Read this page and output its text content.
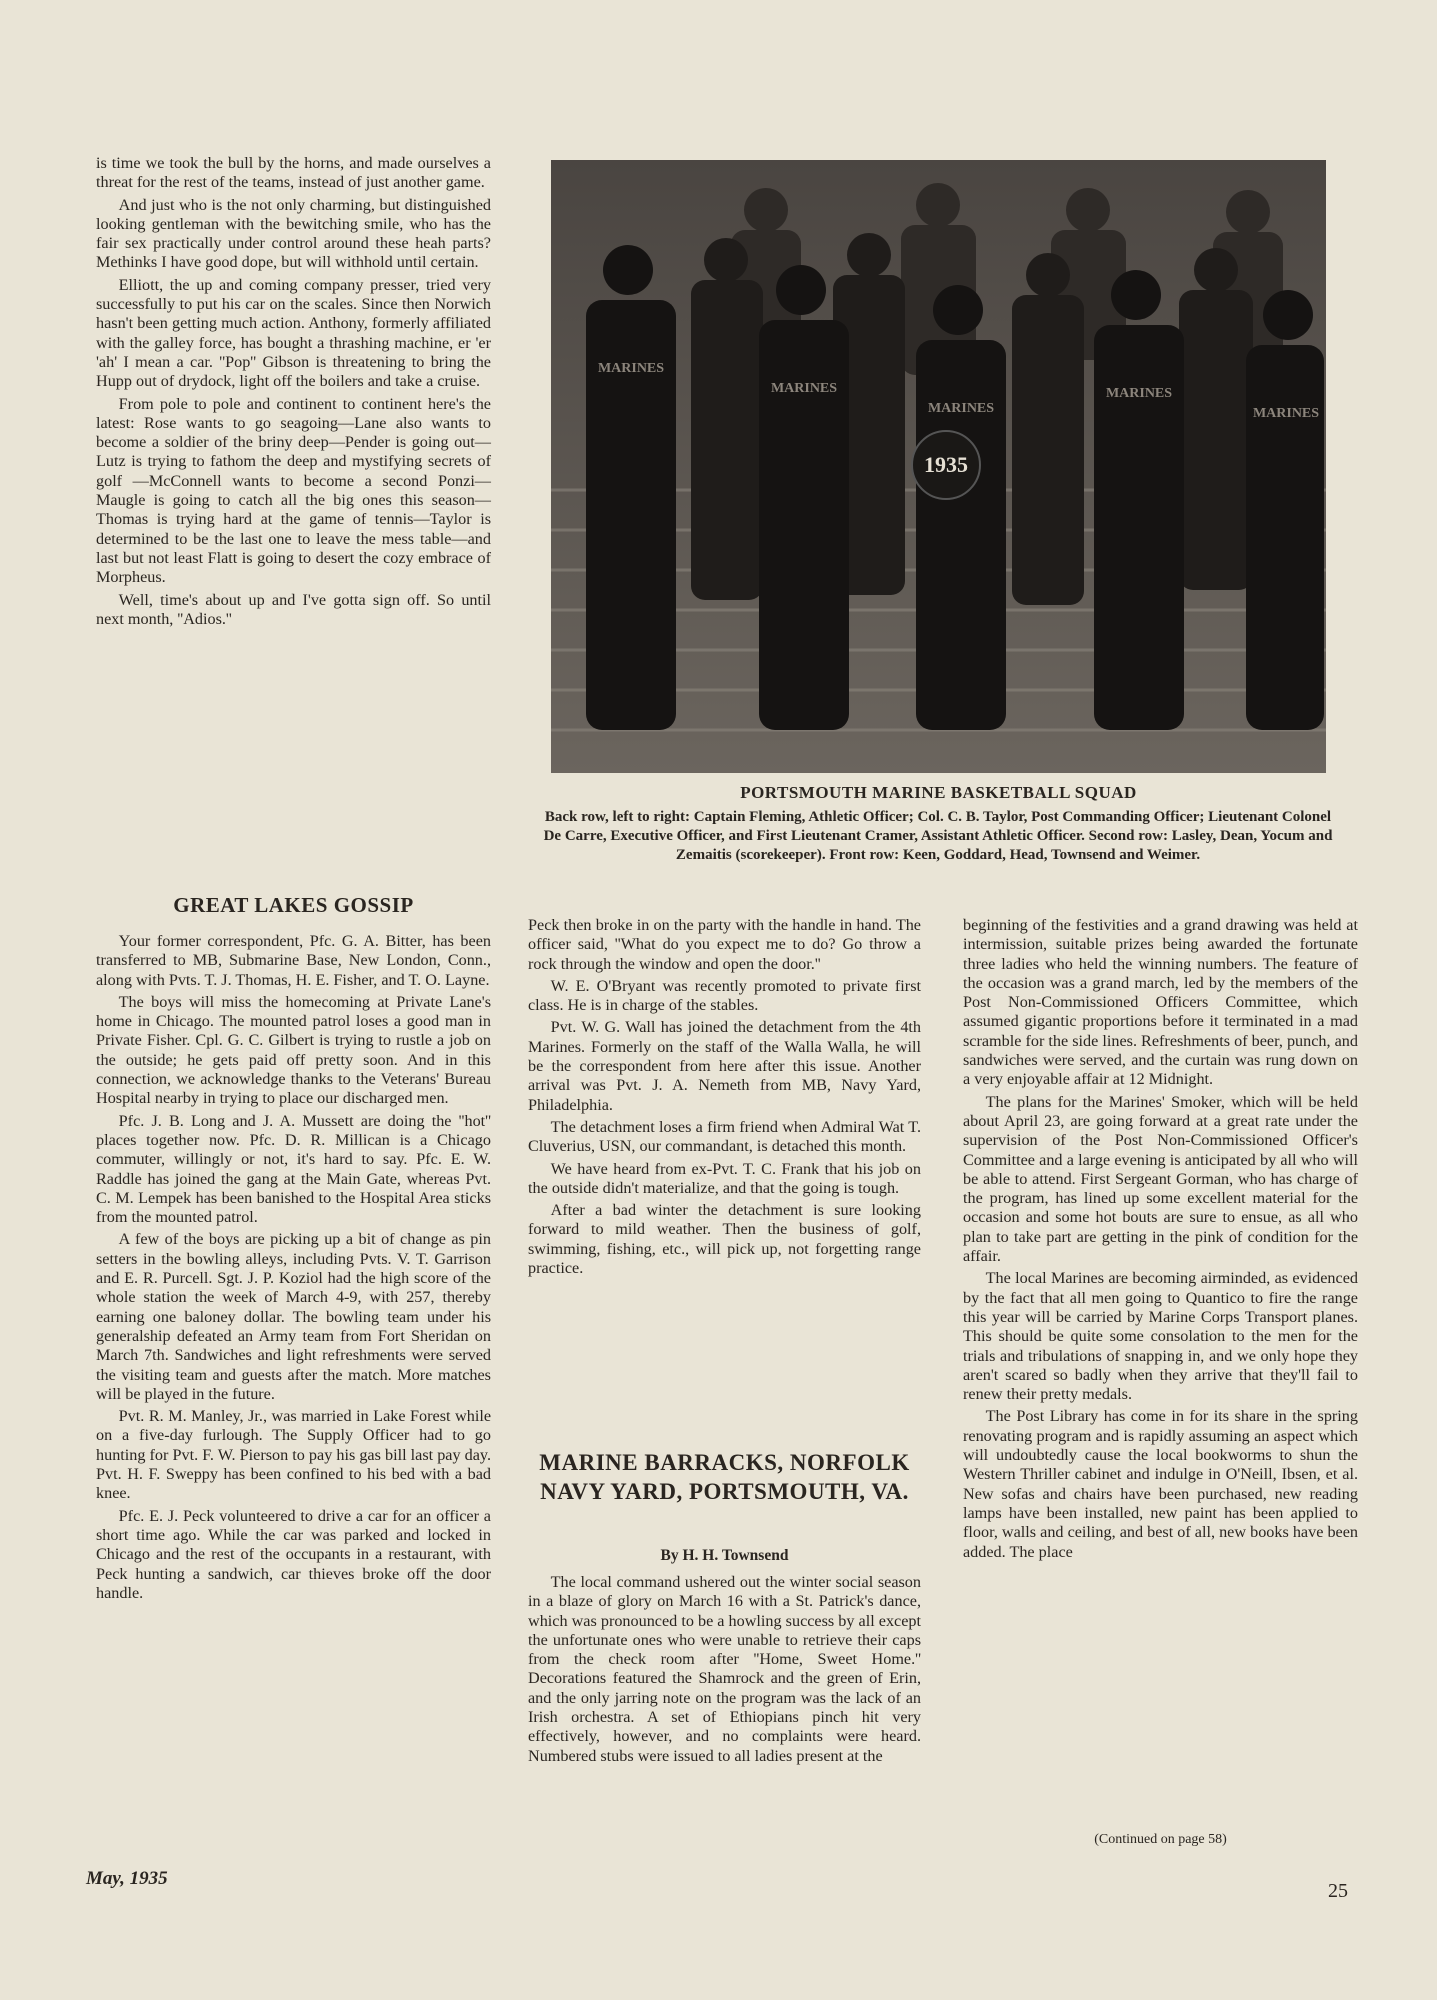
is time we took the bull by the horns, and made ourselves a threat for the rest of the teams, instead of just another game.

And just who is the not only charming, but distinguished looking gentleman with the bewitching smile, who has the fair sex practically under control around these heah parts? Methinks I have good dope, but will withhold until certain.

Elliott, the up and coming company presser, tried very successfully to put his car on the scales. Since then Norwich hasn't been getting much action. Anthony, formerly affiliated with the galley force, has bought a thrashing machine, er 'er 'ah' I mean a car. ''Pop'' Gibson is threatening to bring the Hupp out of drydock, light off the boilers and take a cruise.

From pole to pole and continent to continent here's the latest: Rose wants to go seagoing—Lane also wants to become a soldier of the briny deep—Pender is going out—Lutz is trying to fathom the deep and mystifying secrets of golf —McConnell wants to become a second Ponzi—Maugle is going to catch all the big ones this season—Thomas is trying hard at the game of tennis—Taylor is determined to be the last one to leave the mess table—and last but not least Flatt is going to desert the cozy embrace of Morpheus.

Well, time's about up and I've gotta sign off. So until next month, ''Adios.''

MARINES
MARINES
MARINES
MARINES
MARINES
1935
PORTSMOUTH MARINE BASKETBALL SQUAD
Back row, left to right: Captain Fleming, Athletic Officer; Col. C. B. Taylor, Post Commanding Officer; Lieutenant Colonel De Carre, Executive Officer, and First Lieutenant Cramer, Assistant Athletic Officer. Second row: Lasley, Dean, Yocum and Zemaitis (scorekeeper). Front row: Keen, Goddard, Head, Townsend and Weimer.
GREAT LAKES GOSSIP

Your former correspondent, Pfc. G. A. Bitter, has been transferred to MB, Submarine Base, New London, Conn., along with Pvts. T. J. Thomas, H. E. Fisher, and T. O. Layne.

The boys will miss the homecoming at Private Lane's home in Chicago. The mounted patrol loses a good man in Private Fisher. Cpl. G. C. Gilbert is trying to rustle a job on the outside; he gets paid off pretty soon. And in this connection, we acknowledge thanks to the Veterans' Bureau Hospital nearby in trying to place our discharged men.

Pfc. J. B. Long and J. A. Mussett are doing the ''hot'' places together now. Pfc. D. R. Millican is a Chicago commuter, willingly or not, it's hard to say. Pfc. E. W. Raddle has joined the gang at the Main Gate, whereas Pvt. C. M. Lempek has been banished to the Hospital Area sticks from the mounted patrol.

A few of the boys are picking up a bit of change as pin setters in the bowling alleys, including Pvts. V. T. Garrison and E. R. Purcell. Sgt. J. P. Koziol had the high score of the whole station the week of March 4-9, with 257, thereby earning one baloney dollar. The bowling team under his generalship defeated an Army team from Fort Sheridan on March 7th. Sandwiches and light refreshments were served the visiting team and guests after the match. More matches will be played in the future.

Pvt. R. M. Manley, Jr., was married in Lake Forest while on a five-day furlough. The Supply Officer had to go hunting for Pvt. F. W. Pierson to pay his gas bill last pay day. Pvt. H. F. Sweppy has been confined to his bed with a bad knee.

Pfc. E. J. Peck volunteered to drive a car for an officer a short time ago. While the car was parked and locked in Chicago and the rest of the occupants in a restaurant, with Peck hunting a sandwich, car thieves broke off the door handle.

Peck then broke in on the party with the handle in hand. The officer said, ''What do you expect me to do? Go throw a rock through the window and open the door.''

W. E. O'Bryant was recently promoted to private first class. He is in charge of the stables.

Pvt. W. G. Wall has joined the detachment from the 4th Marines. Formerly on the staff of the Walla Walla, he will be the correspondent from here after this issue. Another arrival was Pvt. J. A. Nemeth from MB, Navy Yard, Philadelphia.

The detachment loses a firm friend when Admiral Wat T. Cluverius, USN, our commandant, is detached this month.

We have heard from ex-Pvt. T. C. Frank that his job on the outside didn't materialize, and that the going is tough.

After a bad winter the detachment is sure looking forward to mild weather. Then the business of golf, swimming, fishing, etc., will pick up, not forgetting range practice.

MARINE BARRACKS, NORFOLK NAVY YARD, PORTSMOUTH, VA.
By H. H. Townsend

The local command ushered out the winter social season in a blaze of glory on March 16 with a St. Patrick's dance, which was pronounced to be a howling success by all except the unfortunate ones who were unable to retrieve their caps from the check room after ''Home, Sweet Home.'' Decorations featured the Shamrock and the green of Erin, and the only jarring note on the program was the lack of an Irish orchestra. A set of Ethiopians pinch hit very effectively, however, and no complaints were heard. Numbered stubs were issued to all ladies present at the

beginning of the festivities and a grand drawing was held at intermission, suitable prizes being awarded the fortunate three ladies who held the winning numbers. The feature of the occasion was a grand march, led by the members of the Post Non-Commissioned Officers Committee, which assumed gigantic proportions before it terminated in a mad scramble for the side lines. Refreshments of beer, punch, and sandwiches were served, and the curtain was rung down on a very enjoyable affair at 12 Midnight.

The plans for the Marines' Smoker, which will be held about April 23, are going forward at a great rate under the supervision of the Post Non-Commissioned Officer's Committee and a large evening is anticipated by all who will be able to attend. First Sergeant Gorman, who has charge of the program, has lined up some excellent material for the occasion and some hot bouts are sure to ensue, as all who plan to take part are getting in the pink of condition for the affair.

The local Marines are becoming airminded, as evidenced by the fact that all men going to Quantico to fire the range this year will be carried by Marine Corps Transport planes. This should be quite some consolation to the men for the trials and tribulations of snapping in, and we only hope they aren't scared so badly when they arrive that they'll fail to renew their pretty medals.

The Post Library has come in for its share in the spring renovating program and is rapidly assuming an aspect which will undoubtedly cause the local bookworms to shun the Western Thriller cabinet and indulge in O'Neill, Ibsen, et al. New sofas and chairs have been purchased, new reading lamps have been installed, new paint has been applied to floor, walls and ceiling, and best of all, new books have been added. The place

(Continued on page 58)
May, 1935
25
